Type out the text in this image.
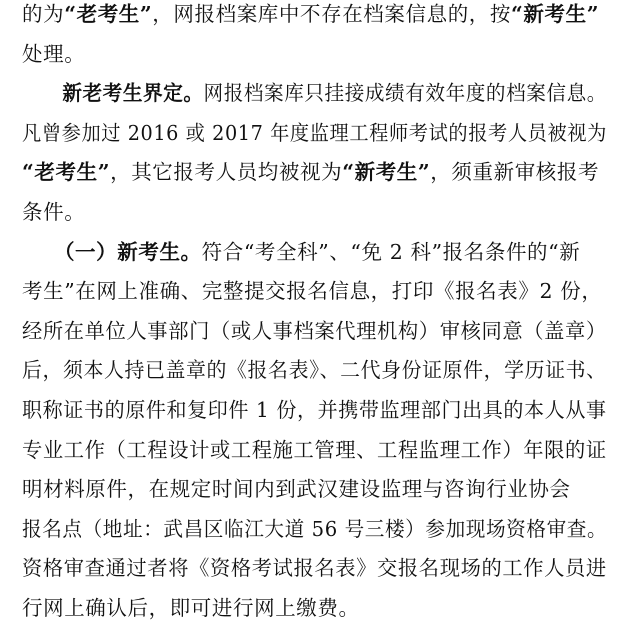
的为“老考生”，网报档案库中不存在档案信息的，按“新考生”
处理。
　　新老考生界定。网报档案库只挂接成绩有效年度的档案信息。
凡曾参加过 2016 或 2017 年度监理工程师考试的报考人员被视为
“老考生”，其它报考人员均被视为“新考生”，须重新审核报考
条件。
　　（一）新考生。符合“考全科”、“免 2 科”报名条件的“新
考生”在网上准确、完整提交报名信息，打印《报名表》2 份，
经所在单位人事部门（或人事档案代理机构）审核同意（盖章）
后，须本人持已盖章的《报名表》、二代身份证原件，学历证书、
职称证书的原件和复印件 1 份，并携带监理部门出具的本人从事
专业工作（工程设计或工程施工管理、工程监理工作）年限的证
明材料原件，在规定时间内到武汉建设监理与咨询行业协会
报名点（地址：武昌区临江大道 56 号三楼）参加现场资格审查。
资格审查通过者将《资格考试报名表》交报名现场的工作人员进
行网上确认后，即可进行网上缴费。
